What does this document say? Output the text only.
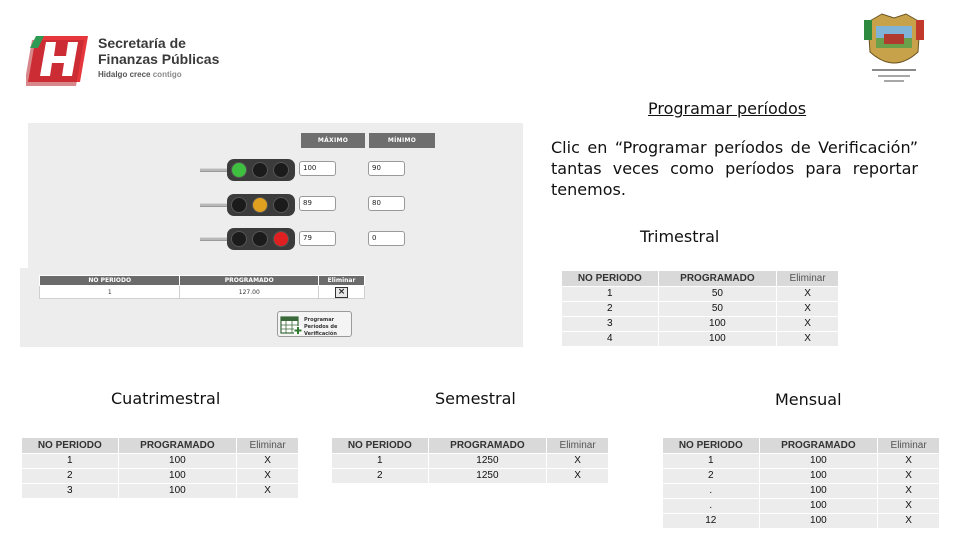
Secretaría de
Finanzas Públicas
Hidalgo crece contigo
Programar períodos
Clic en “Programar períodos de Verificación” tantas veces como períodos para reportar tenemos.
MÁXIMO	MÍNIMO
100	90
89	80
79	0
NO PERIODO	PROGRAMADO	Eliminar
1	127.00	×
Programar Períodos de Verificación
Trimestral
Cuatrimestral	Semestral	Mensual
NO PERIODO	PROGRAMADO	Eliminar
1	50	X
2	50	X
3	100	X
4	100	X
NO PERIODO	PROGRAMADO	Eliminar
1	100	X
2	100	X
3	100	X
NO PERIODO	PROGRAMADO	Eliminar
1	1250	X
2	1250	X
NO PERIODO	PROGRAMADO	Eliminar
1	100	X
2	100	X
.	100	X
.	100	X
12	100	X
